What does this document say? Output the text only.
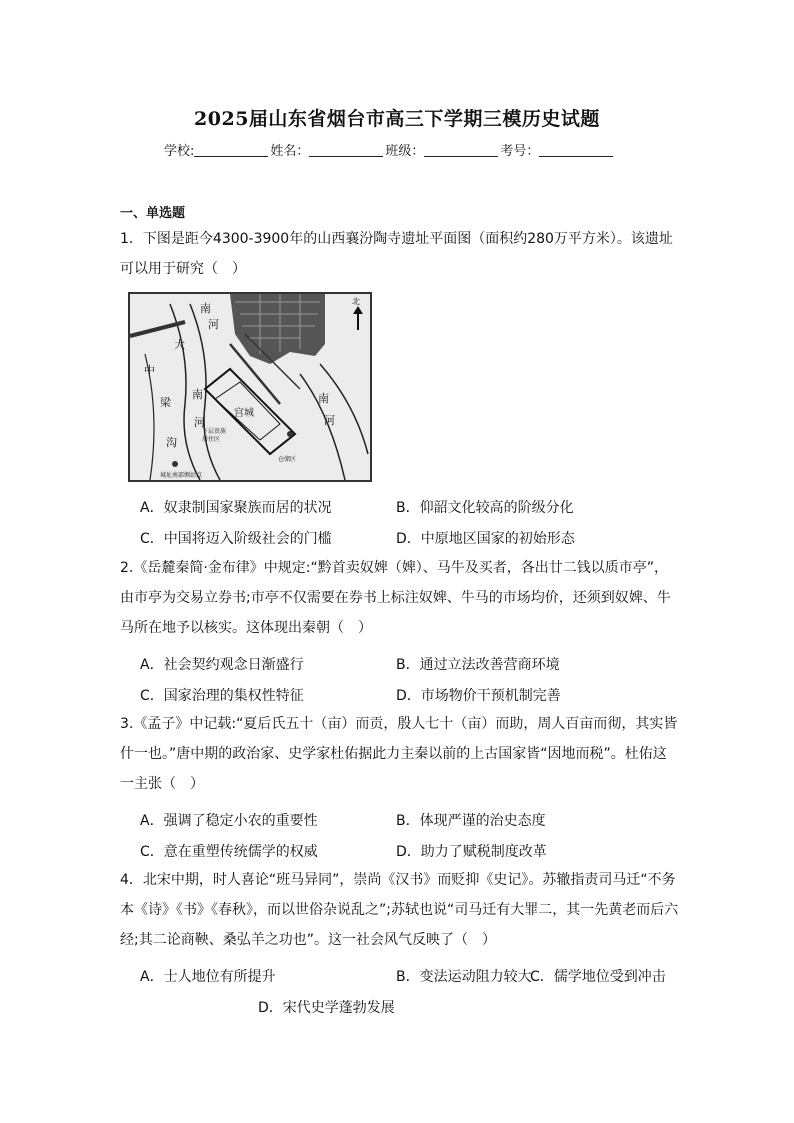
2025届山东省烟台市高三下学期三模历史试题
学校:	姓名：	班级：	考号：
一、单选题
1．下图是距今4300-3900年的山西襄汾陶寺遗址平面图（面积约280万平方米）。该遗址可以用于研究（　）
南
河
大
中
梁
南
沟
河
南
宫城
下层贵族居住区
仓储区
北
河
城址南部侧站点
A．奴隶制国家聚族而居的状况	B．仰韶文化较高的阶级分化
C．中国将迈入阶级社会的门槛	D．中原地区国家的初始形态
2.《岳麓秦简·金布律》中规定:“黔首卖奴婢（婢）、马牛及买者，各出廿二钱以质市亭”，由市亭为交易立券书;市亭不仅需要在券书上标注奴婢、牛马的市场均价，还须到奴婢、牛马所在地予以核实。这体现出秦朝（　）
A．社会契约观念日渐盛行	B．通过立法改善营商环境
C．国家治理的集权性特征	D．市场物价干预机制完善
3.《孟子》中记载:“夏后氏五十（亩）而贡，殷人七十（亩）而助，周人百亩而彻，其实皆什一也。”唐中期的政治家、史学家杜佑据此力主秦以前的上古国家皆“因地而税”。杜佑这一主张（　）
A．强调了稳定小农的重要性	B．体现严谨的治史态度
C．意在重塑传统儒学的权威	D．助力了赋税制度改革
4．北宋中期，时人喜论“班马异同”，崇尚《汉书》而贬抑《史记》。苏辙指责司马迁“不务本《诗》《书》《春秋》，而以世俗杂说乱之”;苏轼也说“司马迁有大罪二，其一先黄老而后六经;其二论商鞅、桑弘羊之功也”。这一社会风气反映了（　）
A．士人地位有所提升	B．变法运动阻力较大
C．儒学地位受到冲击
D．宋代史学蓬勃发展
